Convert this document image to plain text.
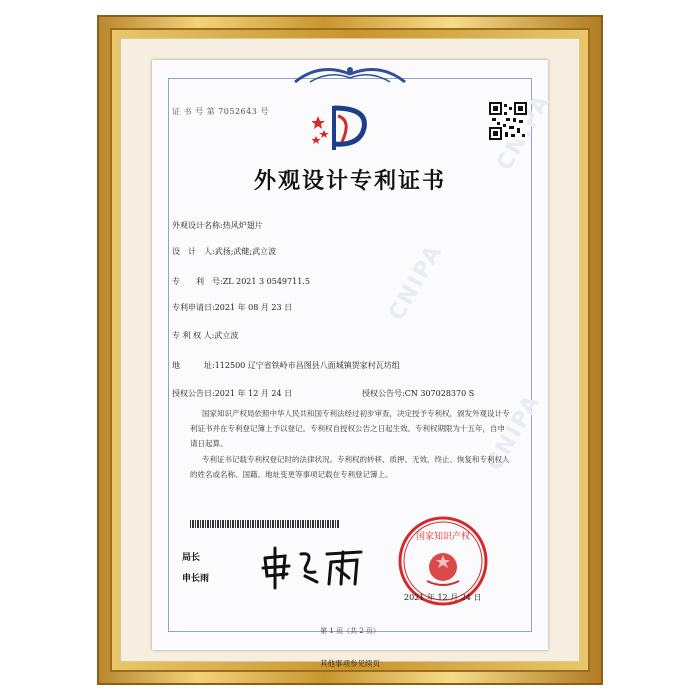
CNIPA
CNIPA
证 书 号 第 7052643 号
外观设计专利证书
外观设计名称:热风炉翅片
设　计　人:武扬;武健;武立波
专　　利　号:ZL 2021 3 0549711.5
专利申请日:2021 年 08 月 23 日
专 利 权 人:武立波
地　　　址:112500 辽宁省铁岭市昌图县八面城镇贺家村瓦坊组
授权公告日:2021 年 12 月 24 日	授权公告号:CN 307028370 S
国家知识产权局依照中华人民共和国专利法经过初步审查，决定授予专利权，颁发外观设计专利证书并在专利登记簿上予以登记。专利权自授权公告之日起生效。专利权期限为十五年，自申请日起算。
专利证书记载专利权登记时的法律状况。专利权的转移、质押、无效、终止、恢复和专利权人的姓名或名称、国籍、地址变更等事项记载在专利登记簿上。
局长
申长雨
国家知识产权
2021 年 12 月 24 日
第 1 页（共 2 页）
其他事项参见续页
